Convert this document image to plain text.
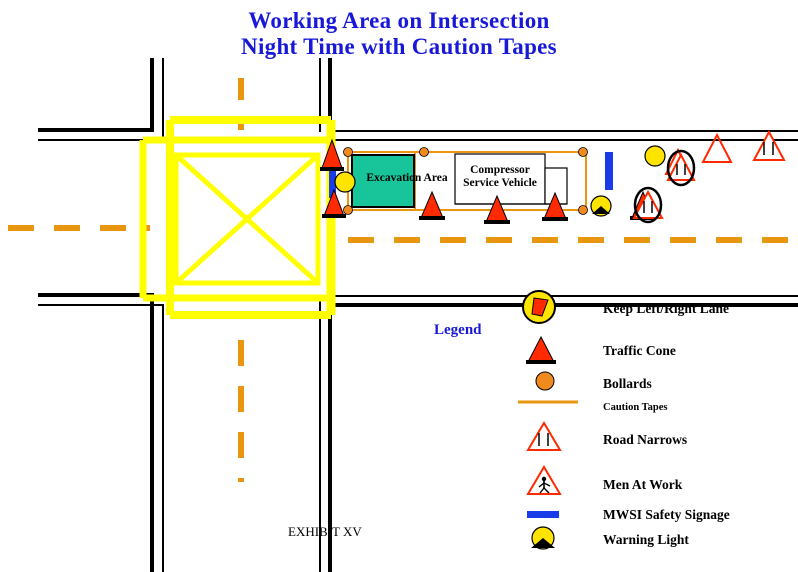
Working Area on Intersection
Night Time with Caution Tapes
Excavation Area
Compressor
Service Vehicle
EXHIBIT XV
Legend
Keep Left/Right Lane
Traffic Cone
Bollards
Caution Tapes
Road Narrows
Men At Work
MWSI Safety Signage
Warning Light
